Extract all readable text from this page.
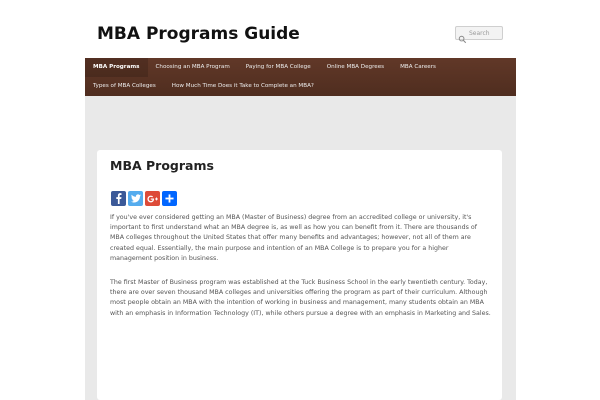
MBA Programs Guide
Search
MBA Programs	Choosing an MBA Program	Paying for MBA College	Online MBA Degrees	MBA Careers
Types of MBA Colleges	How Much Time Does it Take to Complete an MBA?
MBA Programs

If you've ever considered getting an MBA (Master of Business) degree from an accredited college or university, it's important to first understand what an MBA degree is, as well as how you can benefit from it. There are thousands of MBA colleges throughout the United States that offer many benefits and advantages; however, not all of them are created equal. Essentially, the main purpose and intention of an MBA College is to prepare you for a higher management position in business.

The first Master of Business program was established at the Tuck Business School in the early twentieth century. Today, there are over seven thousand MBA colleges and universities offering the program as part of their curriculum. Although most people obtain an MBA with the intention of working in business and management, many students obtain an MBA with an emphasis in Information Technology (IT), while others pursue a degree with an emphasis in Marketing and Sales.
